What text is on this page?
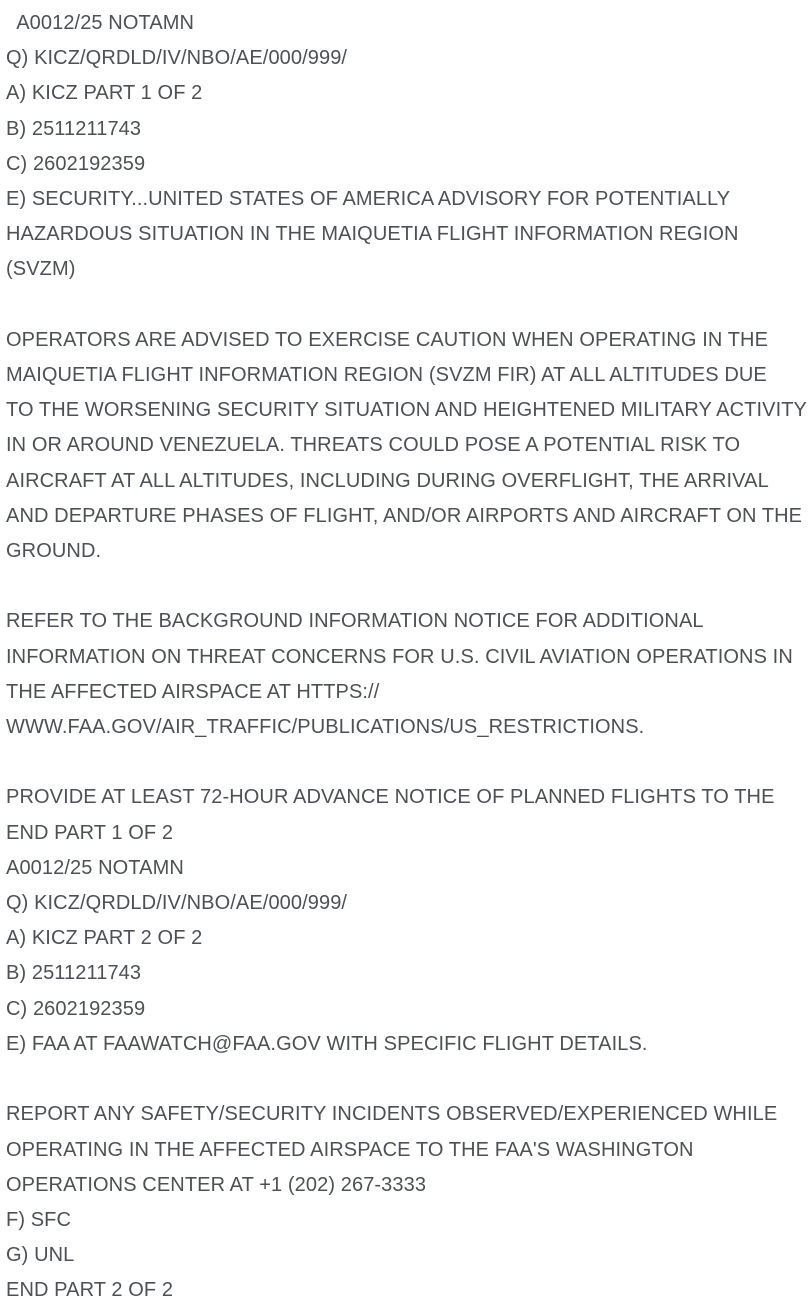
A0012/25 NOTAMN
Q) KICZ/QRDLD/IV/NBO/AE/000/999/
A) KICZ PART 1 OF 2
B) 2511211743
C) 2602192359
E) SECURITY...UNITED STATES OF AMERICA ADVISORY FOR POTENTIALLY
HAZARDOUS SITUATION IN THE MAIQUETIA FLIGHT INFORMATION REGION
(SVZM)

OPERATORS ARE ADVISED TO EXERCISE CAUTION WHEN OPERATING IN THE
MAIQUETIA FLIGHT INFORMATION REGION (SVZM FIR) AT ALL ALTITUDES DUE
TO THE WORSENING SECURITY SITUATION AND HEIGHTENED MILITARY ACTIVITY
IN OR AROUND VENEZUELA. THREATS COULD POSE A POTENTIAL RISK TO
AIRCRAFT AT ALL ALTITUDES, INCLUDING DURING OVERFLIGHT, THE ARRIVAL
AND DEPARTURE PHASES OF FLIGHT, AND/OR AIRPORTS AND AIRCRAFT ON THE
GROUND.

REFER TO THE BACKGROUND INFORMATION NOTICE FOR ADDITIONAL
INFORMATION ON THREAT CONCERNS FOR U.S. CIVIL AVIATION OPERATIONS IN
THE AFFECTED AIRSPACE AT HTTPS://
WWW.FAA.GOV/AIR_TRAFFIC/PUBLICATIONS/US_RESTRICTIONS.

PROVIDE AT LEAST 72-HOUR ADVANCE NOTICE OF PLANNED FLIGHTS TO THE
END PART 1 OF 2
A0012/25 NOTAMN
Q) KICZ/QRDLD/IV/NBO/AE/000/999/
A) KICZ PART 2 OF 2
B) 2511211743
C) 2602192359
E) FAA AT FAAWATCH@FAA.GOV WITH SPECIFIC FLIGHT DETAILS.

REPORT ANY SAFETY/SECURITY INCIDENTS OBSERVED/EXPERIENCED WHILE
OPERATING IN THE AFFECTED AIRSPACE TO THE FAA'S WASHINGTON
OPERATIONS CENTER AT +1 (202) 267-3333
F) SFC
G) UNL
END PART 2 OF 2
